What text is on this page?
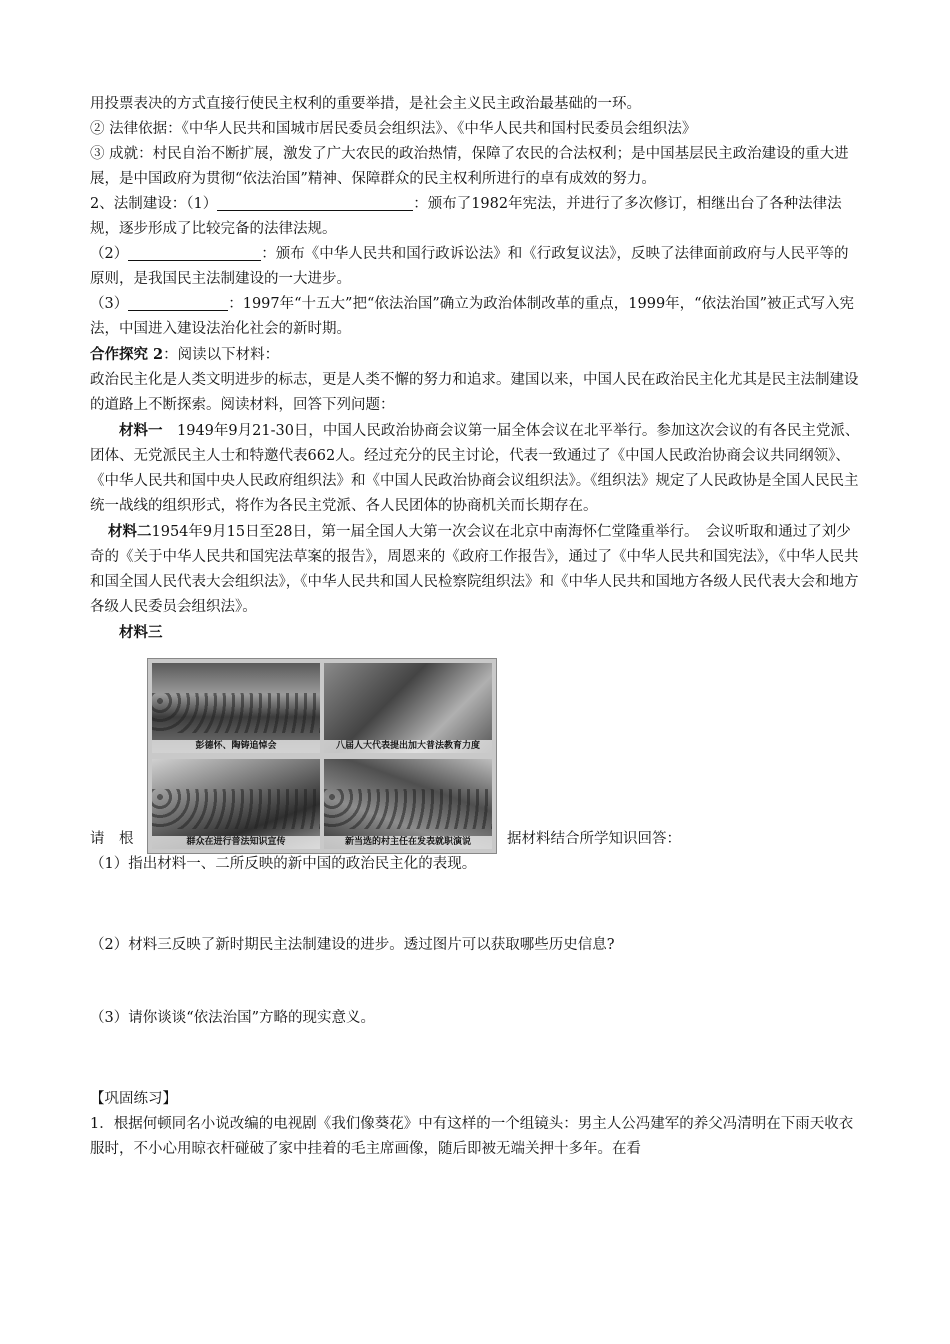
用投票表决的方式直接行使民主权利的重要举措，是社会主义民主政治最基础的一环。

② 法律依据：《中华人民共和国城市居民委员会组织法》、《中华人民共和国村民委员会组织法》

③ 成就：村民自治不断扩展，激发了广大农民的政治热情，保障了农民的合法权利；是中国基层民主政治建设的重大进展，是中国政府为贯彻“依法治国”精神、保障群众的民主权利所进行的卓有成效的努力。

2、法制建设：（1）	：颁布了1982年宪法，并进行了多次修订，相继出台了各种法律法规，逐步形成了比较完备的法律法规。

（2）	：颁布《中华人民共和国行政诉讼法》和《行政复议法》，反映了法律面前政府与人民平等的原则，是我国民主法制建设的一大进步。

（3）	：1997年“十五大”把“依法治国”确立为政治体制改革的重点，1999年，“依法治国”被正式写入宪法，中国进入建设法治化社会的新时期。

合作探究 2：阅读以下材料：

政治民主化是人类文明进步的标志，更是人类不懈的努力和追求。建国以来，中国人民在政治民主化尤其是民主法制建设的道路上不断探索。阅读材料，回答下列问题：

材料一　1949年9月21-30日，中国人民政治协商会议第一届全体会议在北平举行。参加这次会议的有各民主党派、团体、无党派民主人士和特邀代表662人。经过充分的民主讨论，代表一致通过了《中国人民政治协商会议共同纲领》、《中华人民共和国中央人民政府组织法》和《中国人民政治协商会议组织法》。《组织法》规定了人民政协是全国人民民主统一战线的组织形式，将作为各民主党派、各人民团体的协商机关而长期存在。

材料二1954年9月15日至28日，第一届全国人大第一次会议在北京中南海怀仁堂隆重举行。　会议听取和通过了刘少奇的《关于中华人民共和国宪法草案的报告》，周恩来的《政府工作报告》，通过了《中华人民共和国宪法》，《中华人民共和国全国人民代表大会组织法》，《中华人民共和国人民检察院组织法》和《中华人民共和国地方各级人民代表大会和地方各级人民委员会组织法》。

材料三

请　根
彭德怀、陶铸追悼会	八届人大代表提出加大普法教育力度
群众在进行普法知识宣传	新当选的村主任在发表就职演说	据材料结合所学知识回答：

（1）指出材料一、二所反映的新中国的政治民主化的表现。

（2）材料三反映了新时期民主法制建设的进步。透过图片可以获取哪些历史信息?

（3）请你谈谈“依法治国”方略的现实意义。

【巩固练习】

1．根据何顿同名小说改编的电视剧《我们像葵花》中有这样的一个组镜头：男主人公冯建军的养父冯清明在下雨天收衣服时，不小心用晾衣杆碰破了家中挂着的毛主席画像，随后即被无端关押十多年。在看
